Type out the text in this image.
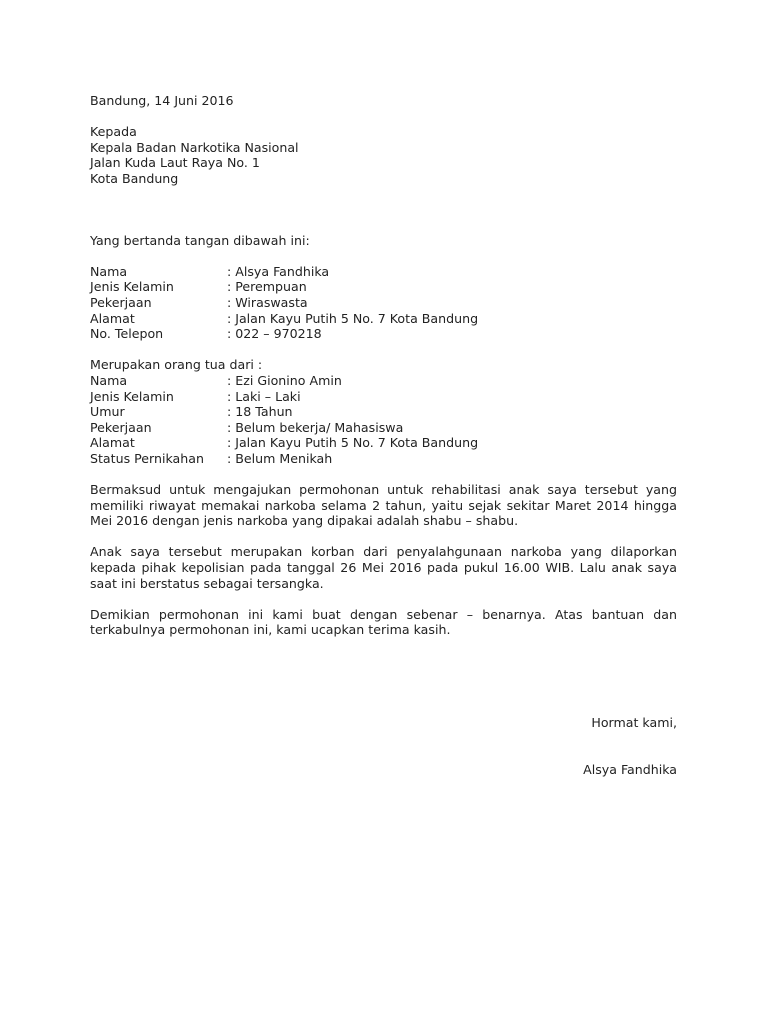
Bandung, 14 Juni 2016
Kepada
Kepala Badan Narkotika Nasional
Jalan Kuda Laut Raya No. 1
Kota Bandung
Yang bertanda tangan dibawah ini:
Nama	: Alsya Fandhika
Jenis Kelamin	: Perempuan
Pekerjaan	: Wiraswasta
Alamat	: Jalan Kayu Putih 5 No. 7 Kota Bandung
No. Telepon	: 022 – 970218
Merupakan orang tua dari :
Nama	: Ezi Gionino Amin
Jenis Kelamin	: Laki – Laki
Umur	: 18 Tahun
Pekerjaan	: Belum bekerja/ Mahasiswa
Alamat	: Jalan Kayu Putih 5 No. 7 Kota Bandung
Status Pernikahan	: Belum Menikah
Bermaksud untuk mengajukan permohonan untuk rehabilitasi anak saya tersebut yang memiliki riwayat memakai narkoba selama 2 tahun, yaitu sejak sekitar Maret 2014 hingga Mei 2016 dengan jenis narkoba yang dipakai adalah shabu – shabu.
Anak saya tersebut merupakan korban dari penyalahgunaan narkoba yang dilaporkan kepada pihak kepolisian pada tanggal 26 Mei 2016 pada pukul 16.00 WIB. Lalu anak saya saat ini berstatus sebagai tersangka.
Demikian permohonan ini kami buat dengan sebenar – benarnya. Atas bantuan dan terkabulnya permohonan ini, kami ucapkan terima kasih.
Hormat kami,
Alsya Fandhika
